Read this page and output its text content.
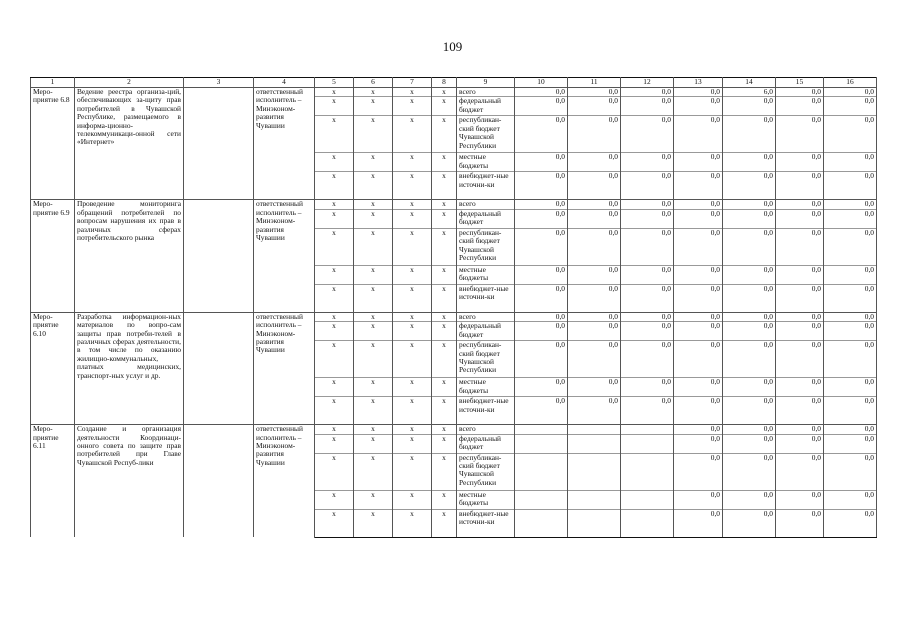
109
1	2	3	4	5	6	7	8	9	10	11	12	13	14	15	16
Меро-приятие 6.8	Ведение реестра организа-ций, обеспечивающих за-щиту прав потребителей в Чувашской Республике, размещаемого в информа-ционно-телекоммуникаци-онной сети «Интернет»		ответственный исполнитель – Минэконом-развития Чувашии	x	x	x	x	всего	0,0	0,0	0,0	0,0	6,0	0,0	0,0
				x	x	x	x	федеральный бюджет	0,0	0,0	0,0	0,0	0,0	0,0	0,0
				x	x	x	x	республикан-ский бюджет Чувашской Республики	0,0	0,0	0,0	0,0	0,0	0,0	0,0
				x	x	x	x	местные бюджеты	0,0	0,0	0,0	0,0	0,0	0,0	0,0
				x	x	x	x	внебюджет-ные источни-ки	0,0	0,0	0,0	0,0	0,0	0,0	0,0
Меро-приятие 6.9	Проведение мониторинга обращений потребителей по вопросам нарушения их прав в различных сферах потребительского рынка		ответственный исполнитель – Минэконом-развития Чувашии	x	x	x	x	всего	0,0	0,0	0,0	0,0	0,0	0,0	0,0
				x	x	x	x	федеральный бюджет	0,0	0,0	0,0	0,0	0,0	0,0	0,0
				x	x	x	x	республикан-ский бюджет Чувашской Республики	0,0	0,0	0,0	0,0	0,0	0,0	0,0
				x	x	x	x	местные бюджеты	0,0	0,0	0,0	0,0	0,0	0,0	0,0
				x	x	x	x	внебюджет-ные источни-ки	0,0	0,0	0,0	0,0	0,0	0,0	0,0
Меро-приятие 6.10	Разработка информацион-ных материалов по вопро-сам защиты прав потреби-телей в различных сферах деятельности, в том числе по оказанию жилищно-коммунальных, платных медицинских, транспорт-ных услуг и др.		ответственный исполнитель – Минэконом-развития Чувашии	x	x	x	x	всего	0,0	0,0	0,0	0,0	0,0	0,0	0,0
				x	x	x	x	федеральный бюджет	0,0	0,0	0,0	0,0	0,0	0,0	0,0
				x	x	x	x	республикан-ский бюджет Чувашской Республики	0,0	0,0	0,0	0,0	0,0	0,0	0,0
				x	x	x	x	местные бюджеты	0,0	0,0	0,0	0,0	0,0	0,0	0,0
				x	x	x	x	внебюджет-ные источни-ки	0,0	0,0	0,0	0,0	0,0	0,0	0,0
Меро-приятие 6.11	Создание и организация деятельности Координаци-онного совета по защите прав потребителей при Главе Чувашской Респуб-лики		ответственный исполнитель – Минэконом-развития Чувашии	x	x	x	x	всего				0,0	0,0	0,0	0,0
				x	x	x	x	федеральный бюджет				0,0	0,0	0,0	0,0
				x	x	x	x	республикан-ский бюджет Чувашской Республики				0,0	0,0	0,0	0,0
				x	x	x	x	местные бюджеты				0,0	0,0	0,0	0,0
				x	x	x	x	внебюджет-ные источни-ки				0,0	0,0	0,0	0,0
